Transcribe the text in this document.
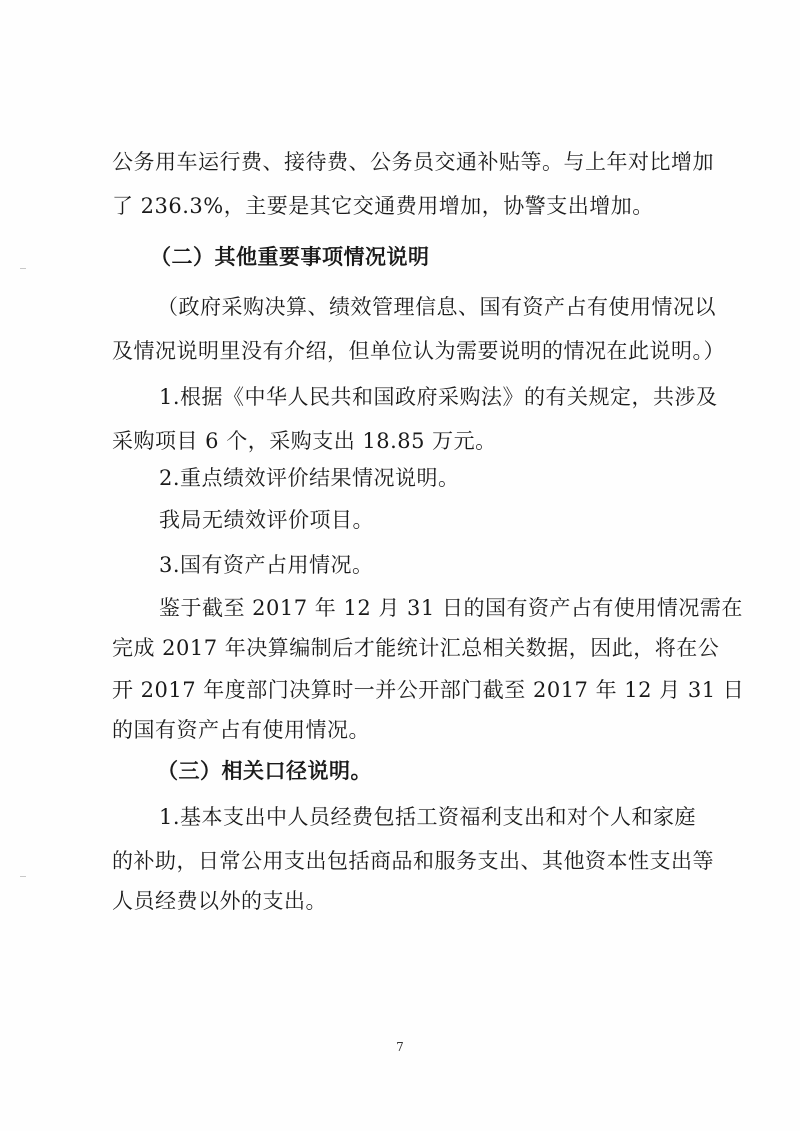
公务用车运行费、接待费、公务员交通补贴等。与上年对比增加
了 236.3%，主要是其它交通费用增加，协警支出增加。
（二）其他重要事项情况说明
（政府采购决算、绩效管理信息、国有资产占有使用情况以
及情况说明里没有介绍，但单位认为需要说明的情况在此说明。）
1.根据《中华人民共和国政府采购法》的有关规定，共涉及
采购项目 6 个，采购支出 18.85 万元。
2.重点绩效评价结果情况说明。
我局无绩效评价项目。
3.国有资产占用情况。
鉴于截至 2017 年 12 月 31 日的国有资产占有使用情况需在
完成 2017 年决算编制后才能统计汇总相关数据，因此，将在公
开 2017 年度部门决算时一并公开部门截至 2017 年 12 月 31 日
的国有资产占有使用情况。
（三）相关口径说明。
1.基本支出中人员经费包括工资福利支出和对个人和家庭
的补助，日常公用支出包括商品和服务支出、其他资本性支出等
人员经费以外的支出。
7
